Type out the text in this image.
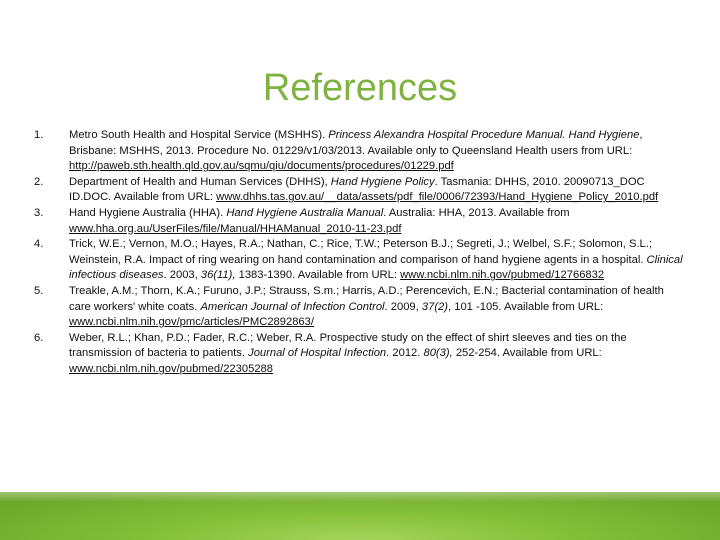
References
1. Metro South Health and Hospital Service (MSHHS). Princess Alexandra Hospital Procedure Manual. Hand Hygiene, Brisbane: MSHHS, 2013. Procedure No. 01229/v1/03/2013. Available only to Queensland Health users from URL: http://paweb.sth.health.qld.gov.au/sqmu/qiu/documents/procedures/01229.pdf
2. Department of Health and Human Services (DHHS), Hand Hygiene Policy. Tasmania: DHHS, 2010. 20090713_DOC ID.DOC. Available from URL: www.dhhs.tas.gov.au/__data/assets/pdf_file/0006/72393/Hand_Hygiene_Policy_2010.pdf
3. Hand Hygiene Australia (HHA). Hand Hygiene Australia Manual. Australia: HHA, 2013. Available from www.hha.org.au/UserFiles/file/Manual/HHAManual_2010-11-23.pdf
4. Trick, W.E.; Vernon, M.O.; Hayes, R.A.; Nathan, C.; Rice, T.W.; Peterson B.J.; Segreti, J.; Welbel, S.F.; Solomon, S.L.; Weinstein, R.A. Impact of ring wearing on hand contamination and comparison of hand hygiene agents in a hospital. Clinical infectious diseases. 2003, 36(11), 1383-1390. Available from URL: www.ncbi.nlm.nih.gov/pubmed/12766832
5. Treakle, A.M.; Thorn, K.A.; Furuno, J.P.; Strauss, S.m.; Harris, A.D.; Perencevich, E.N.; Bacterial contamination of health care workers' white coats. American Journal of Infection Control. 2009, 37(2), 101 -105. Available from URL: www.ncbi.nlm.nih.gov/pmc/articles/PMC2892863/
6. Weber, R.L.; Khan, P.D.; Fader, R.C.; Weber, R.A. Prospective study on the effect of shirt sleeves and ties on the transmission of bacteria to patients. Journal of Hospital Infection. 2012. 80(3), 252-254. Available from URL: www.ncbi.nlm.nih.gov/pubmed/22305288
